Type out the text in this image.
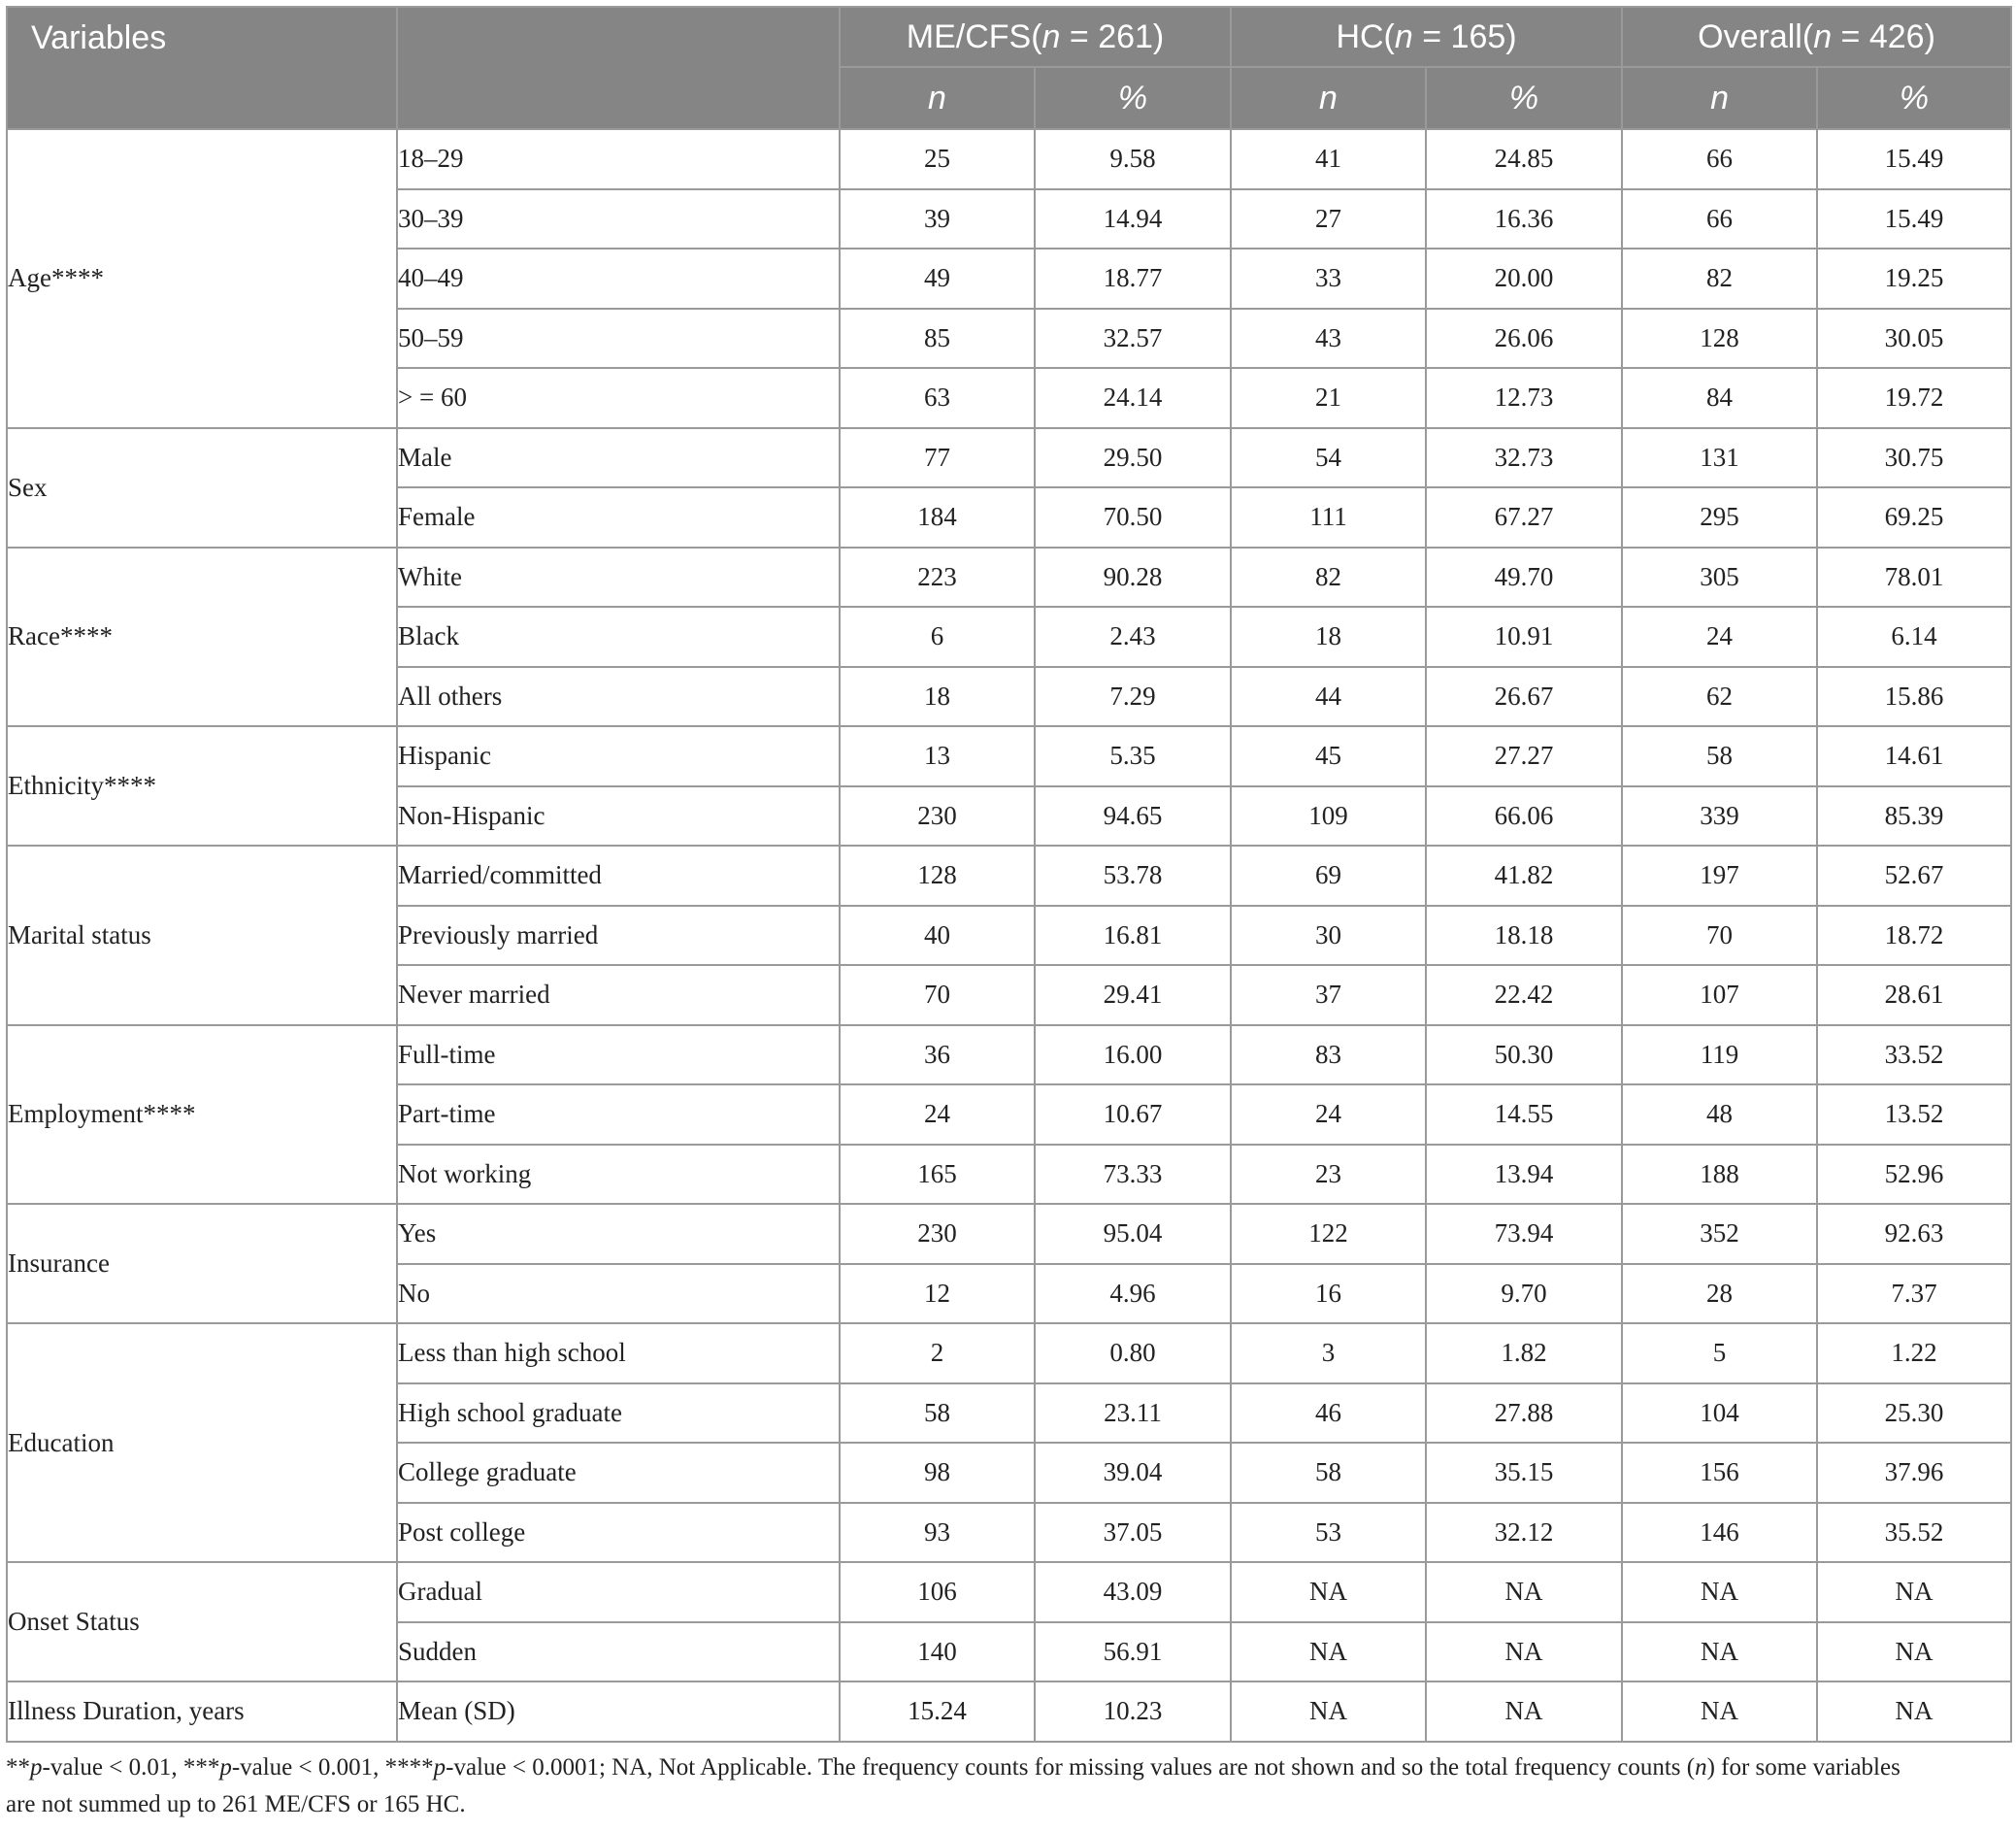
Variables		ME/CFS(n = 261)		HC(n = 165)		Overall(n = 426)	
		n	%	n	%	n	%
Age****	18–29	25	9.58	41	24.85	66	15.49
	30–39	39	14.94	27	16.36	66	15.49
	40–49	49	18.77	33	20.00	82	19.25
	50–59	85	32.57	43	26.06	128	30.05
	> = 60	63	24.14	21	12.73	84	19.72
Sex	Male	77	29.50	54	32.73	131	30.75
	Female	184	70.50	111	67.27	295	69.25
Race****	White	223	90.28	82	49.70	305	78.01
	Black	6	2.43	18	10.91	24	6.14
	All others	18	7.29	44	26.67	62	15.86
Ethnicity****	Hispanic	13	5.35	45	27.27	58	14.61
	Non-Hispanic	230	94.65	109	66.06	339	85.39
Marital status	Married/committed	128	53.78	69	41.82	197	52.67
	Previously married	40	16.81	30	18.18	70	18.72
	Never married	70	29.41	37	22.42	107	28.61
Employment****	Full-time	36	16.00	83	50.30	119	33.52
	Part-time	24	10.67	24	14.55	48	13.52
	Not working	165	73.33	23	13.94	188	52.96
Insurance	Yes	230	95.04	122	73.94	352	92.63
	No	12	4.96	16	9.70	28	7.37
Education	Less than high school	2	0.80	3	1.82	5	1.22
	High school graduate	58	23.11	46	27.88	104	25.30
	College graduate	98	39.04	58	35.15	156	37.96
	Post college	93	37.05	53	32.12	146	35.52
Onset Status	Gradual	106	43.09	NA	NA	NA	NA
	Sudden	140	56.91	NA	NA	NA	NA
Illness Duration, years	Mean (SD)	15.24	10.23	NA	NA	NA	NA
**p-value < 0.01, ***p-value < 0.001, ****p-value < 0.0001; NA, Not Applicable. The frequency counts for missing values are not shown and so the total frequency counts (n) for some variables
are not summed up to 261 ME/CFS or 165 HC.
